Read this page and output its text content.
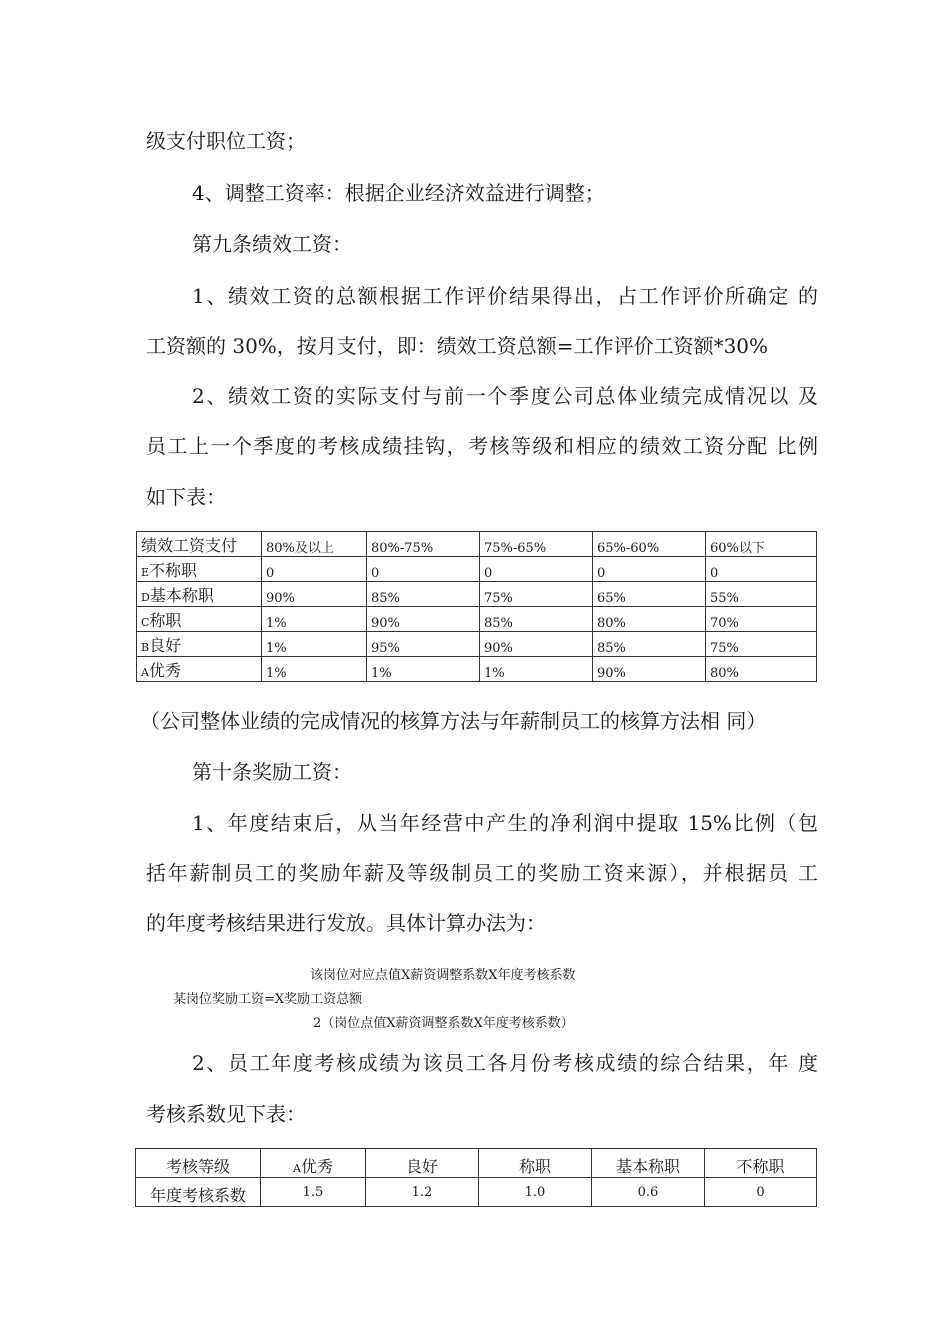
级支付职位工资；
4、调整工资率：根据企业经济效益进行调整；
第九条绩效工资：
1、绩效工资的总额根据工作评价结果得出，占工作评价所确定 的
工资额的 30%，按月支付，即：绩效工资总额=工作评价工资额*30%
2、绩效工资的实际支付与前一个季度公司总体业绩完成情况以 及
员工上一个季度的考核成绩挂钩，考核等级和相应的绩效工资分配 比例
如下表：
绩效工资支付	80%及以上	80%-75%	75%-65%	65%-60%	60%以下
E不称职	0	0	0	0	0
D基本称职	90%	85%	75%	65%	55%
C称职	1%	90%	85%	80%	70%
B良好	1%	95%	90%	85%	75%
A优秀	1%	1%	1%	90%	80%
（公司整体业绩的完成情况的核算方法与年薪制员工的核算方法相 同）
第十条奖励工资：
1、年度结束后，从当年经营中产生的净利润中提取 15%比例（包
括年薪制员工的奖励年薪及等级制员工的奖励工资来源），并根据员 工
的年度考核结果进行发放。具体计算办法为：
该岗位对应点值X薪资调整系数X年度考核系数
某岗位奖励工资=X奖励工资总额
2（岗位点值X薪资调整系数X年度考核系数）
2、员工年度考核成绩为该员工各月份考核成绩的综合结果，年 度
考核系数见下表：
考核等级	A优秀	良好	称职	基本称职	不称职
年度考核系数	1.5	1.2	1.0	0.6	0
